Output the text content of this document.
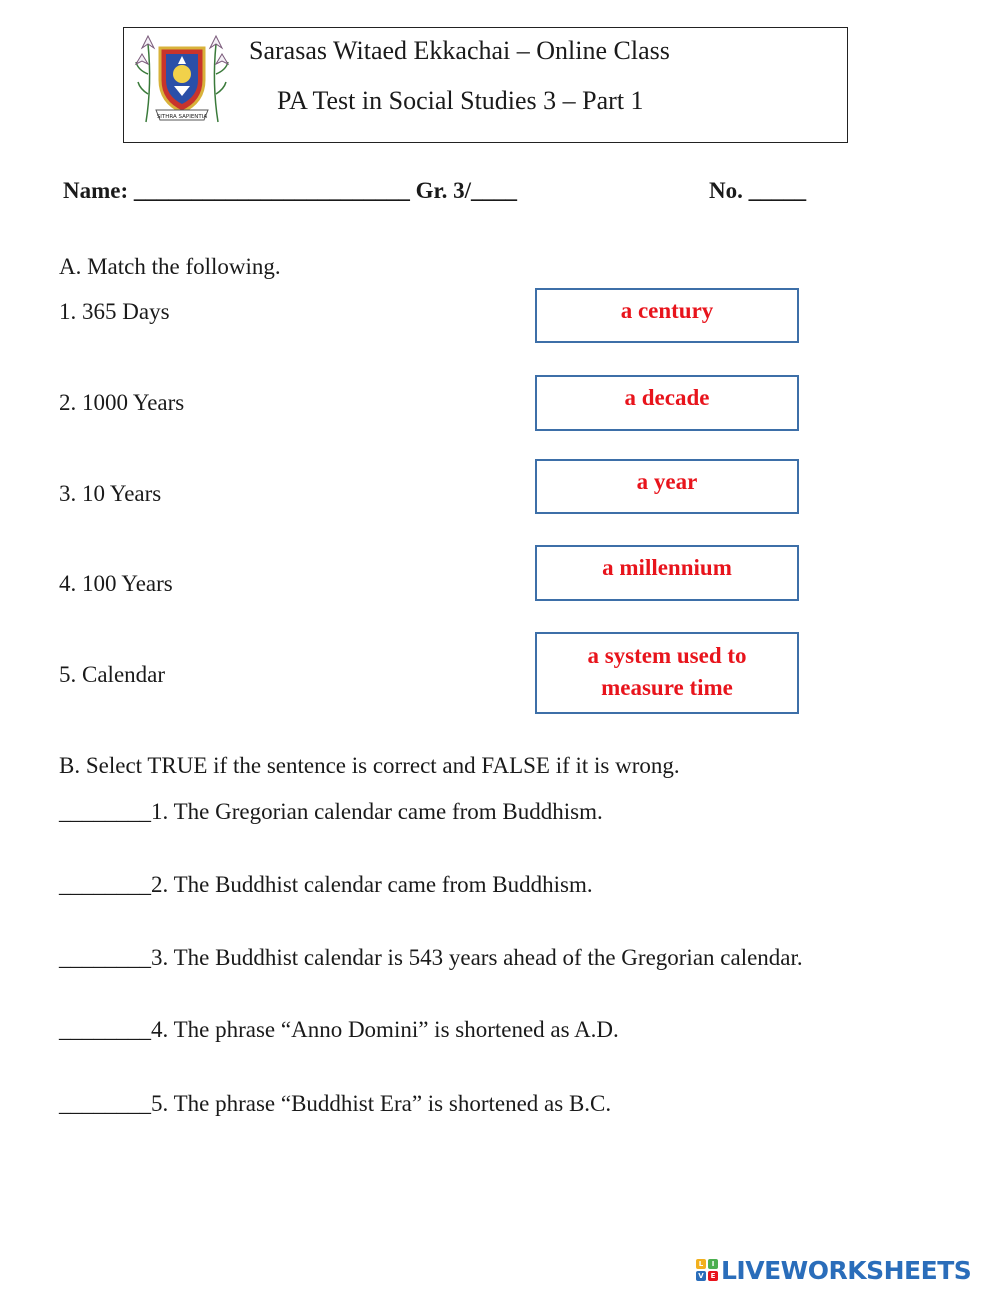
SITHRA SAPIENTIA
Sarasas Witaed Ekkachai – Online Class
PA Test in Social Studies 3 – Part 1
Name: ________________________ Gr. 3/____	No. _____
A. Match the following.
1. 365 Days
2. 1000 Years
3. 10 Years
4. 100 Years
5. Calendar
a century
a decade
a year
a millennium
a system used to measure time
B. Select TRUE if the sentence is correct and FALSE if it is wrong.
________1. The Gregorian calendar came from Buddhism.
________2. The Buddhist calendar came from Buddhism.
________3. The Buddhist calendar is 543 years ahead of the Gregorian calendar.
________4. The phrase “Anno Domini” is shortened as A.D.
________5. The phrase “Buddhist Era” is shortened as B.C.
L	I
V E LIVEWORKSHEETS
